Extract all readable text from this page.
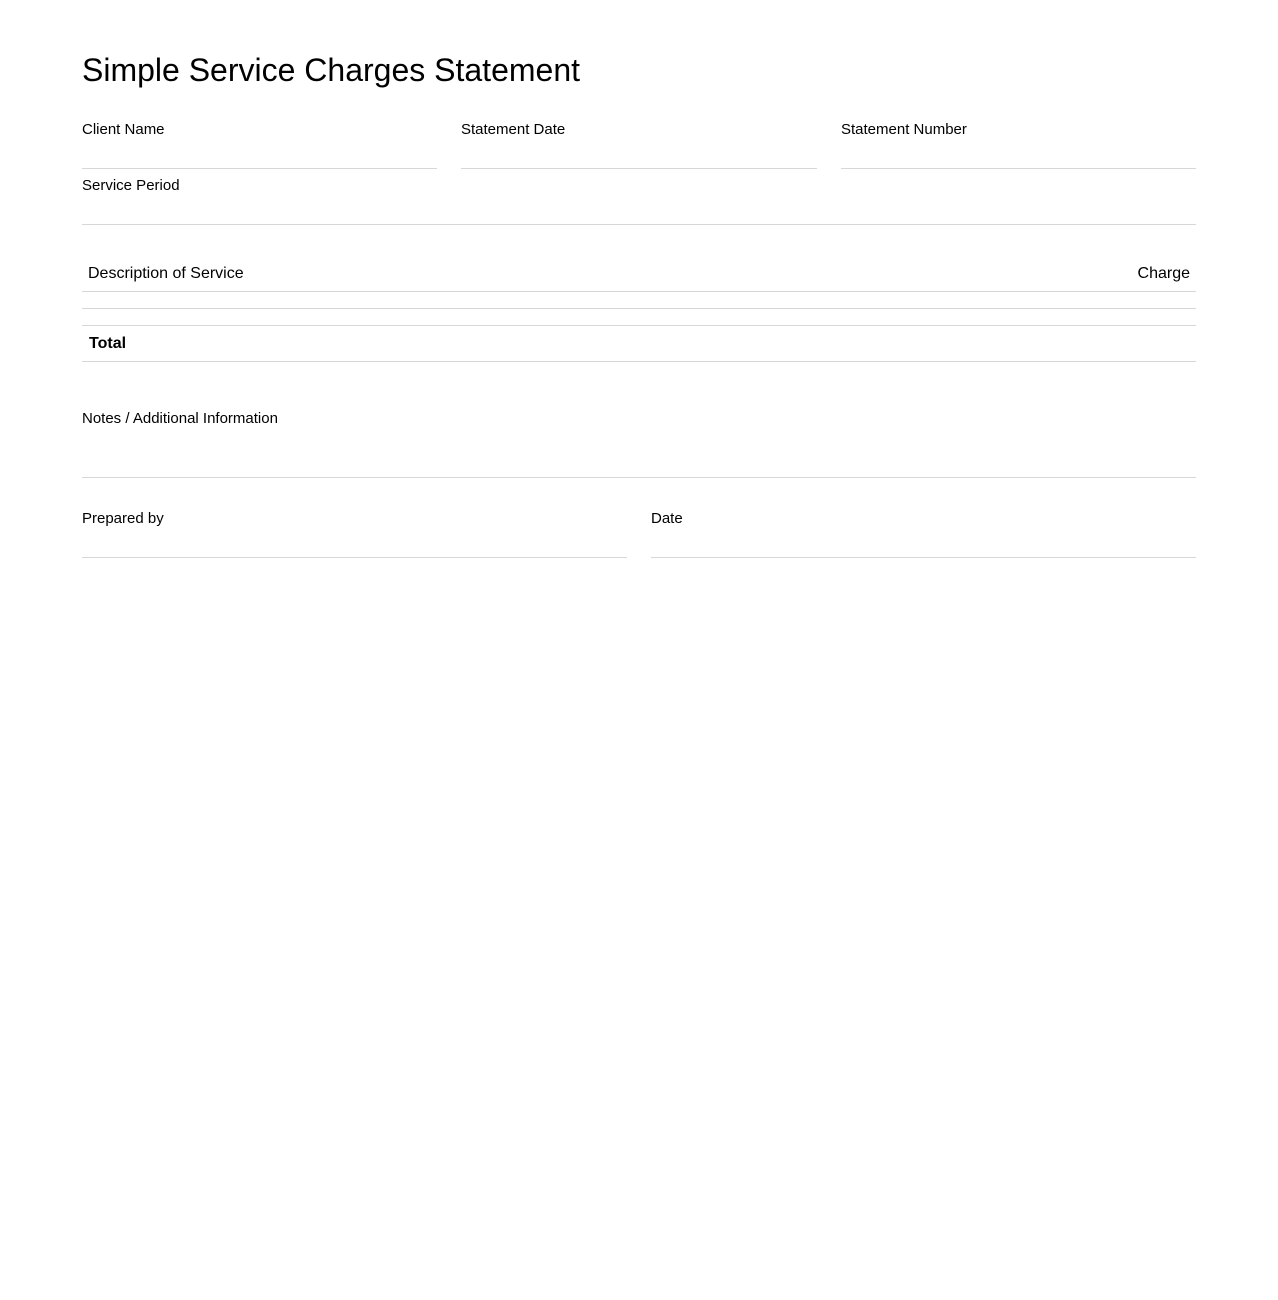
Simple Service Charges Statement
Client Name	Statement Date	Statement Number
Service Period
Description of Service	Charge
Total
Notes / Additional Information
Prepared by	Date
